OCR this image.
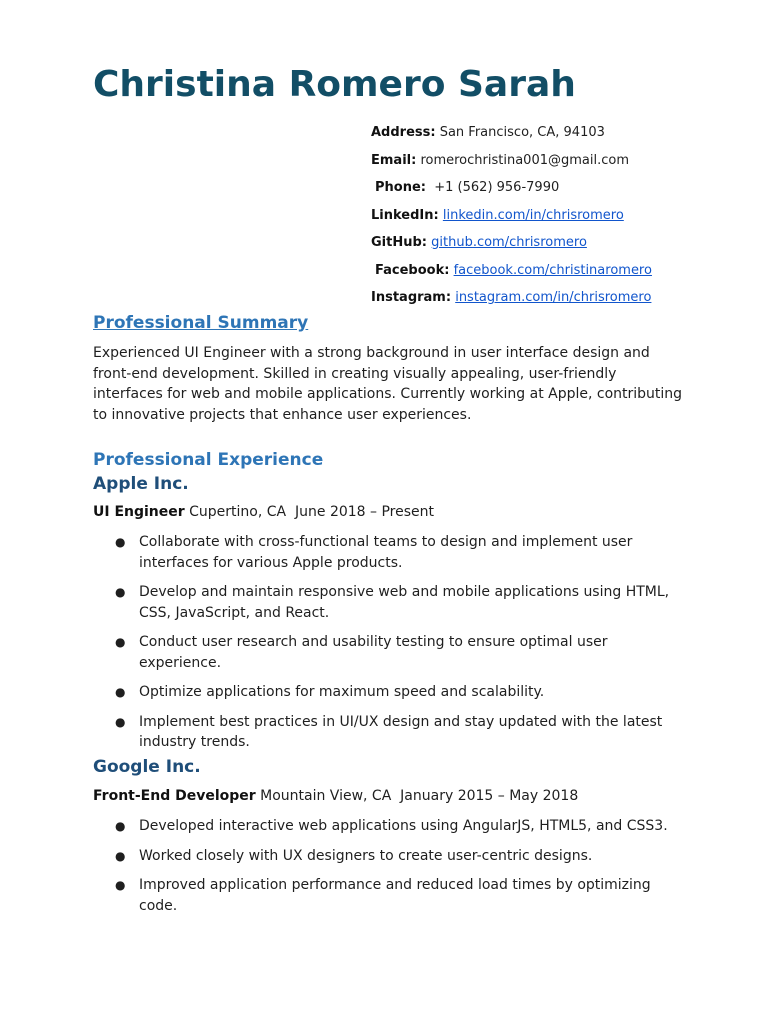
Christina Romero Sarah
Address: San Francisco, CA, 94103
Email: romerochristina001@gmail.com
Phone:  +1 (562) 956-7990
LinkedIn: linkedin.com/in/chrisromero
GitHub: github.com/chrisromero
Facebook: facebook.com/christinaromero
Instagram: instagram.com/in/chrisromero
Professional Summary

Experienced UI Engineer with a strong background in user interface design and front-end development. Skilled in creating visually appealing, user-friendly interfaces for web and mobile applications. Currently working at Apple, contributing to innovative projects that enhance user experiences.

Professional Experience
Apple Inc.
UI Engineer Cupertino, CA  June 2018 – Present
● Collaborate with cross-functional teams to design and implement user interfaces for various Apple products.
● Develop and maintain responsive web and mobile applications using HTML, CSS, JavaScript, and React.
● Conduct user research and usability testing to ensure optimal user experience.
● Optimize applications for maximum speed and scalability.
● Implement best practices in UI/UX design and stay updated with the latest industry trends.
Google Inc.
Front-End Developer Mountain View, CA  January 2015 – May 2018
● Developed interactive web applications using AngularJS, HTML5, and CSS3.
● Worked closely with UX designers to create user-centric designs.
● Improved application performance and reduced load times by optimizing code.
